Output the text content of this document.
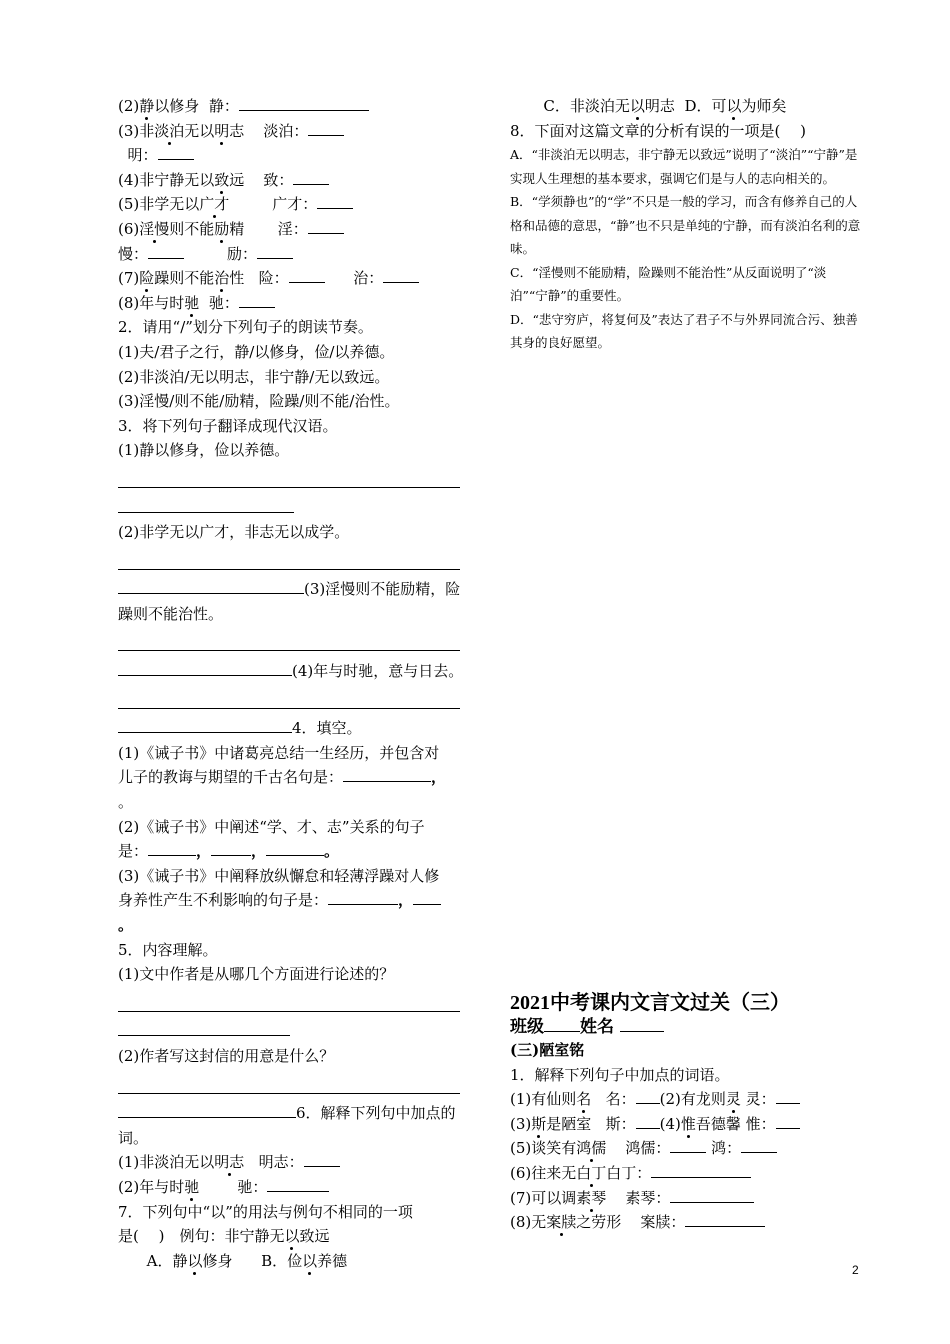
(2)静以修身 静：
(3)非淡泊无以明志 淡泊：
明：
(4)非宁静无以致远 致：
(5)非学无以广才	广才：
(6)淫慢则不能励精 淫：
慢：	励：
(7)险躁则不能治性 险：	治：
(8)年与时驰 驰：
2．请用“/”划分下列句子的朗读节奏。
(1)夫/君子之行，静/以修身，俭/以养德。
(2)非淡泊/无以明志，非宁静/无以致远。
(3)淫慢/则不能/励精，险躁/则不能/治性。
3．将下列句子翻译成现代汉语。
(1)静以修身，俭以养德。
(2)非学无以广才，非志无以成学。
(3)淫慢则不能励精，险
躁则不能治性。
(4)年与时驰，意与日去。
4．填空。
(1)《诫子书》中诸葛亮总结一生经历，并包含对
儿子的教诲与期望的千古名句是：	，
。
(2)《诫子书》中阐述“学、才、志”关系的句子
是：	，	，	。
(3)《诫子书》中阐释放纵懈怠和轻薄浮躁对人修
身养性产生不利影响的句子是：	，
。
5．内容理解。
(1)文中作者是从哪几个方面进行论述的？
(2)作者写这封信的用意是什么？
6．解释下列句中加点的
词。
(1)非淡泊无以明志 明志：
(2)年与时驰	驰：
7．下列句中“以”的用法与例句不相同的一项
是(　 )　例句：非宁静无以致远
A．静以修身 B．俭以养德
C．非淡泊无以明志 D．可以为师矣
8．下面对这篇文章的分析有误的一项是(　 )
A．“非淡泊无以明志，非宁静无以致远”说明了“淡泊”“宁静”是实现人生理想的基本要求，强调它们是与人的志向相关的。
B．“学须静也”的“学”不只是一般的学习，而含有修养自己的人格和品德的意思，“静”也不只是单纯的宁静，而有淡泊名利的意味。
C．“淫慢则不能励精，险躁则不能治性”从反面说明了“淡泊”“宁静”的重要性。
D．“悲守穷庐，将复何及”表达了君子不与外界同流合污、独善其身的良好愿望。
2021中考课内文言文过关（三）
班级 姓名
(三)陋室铭
1．解释下列句子中加点的词语。
(1)有仙则名 名： (2)有龙则灵 灵：
(3)斯是陋室 斯： (4)惟吾德馨 惟：
(5)谈笑有鸿儒 鸿儒：	鸿：
(6)往来无白丁白丁：
(7)可以调素琴 素琴：
(8)无案牍之劳形 案牍：
2
